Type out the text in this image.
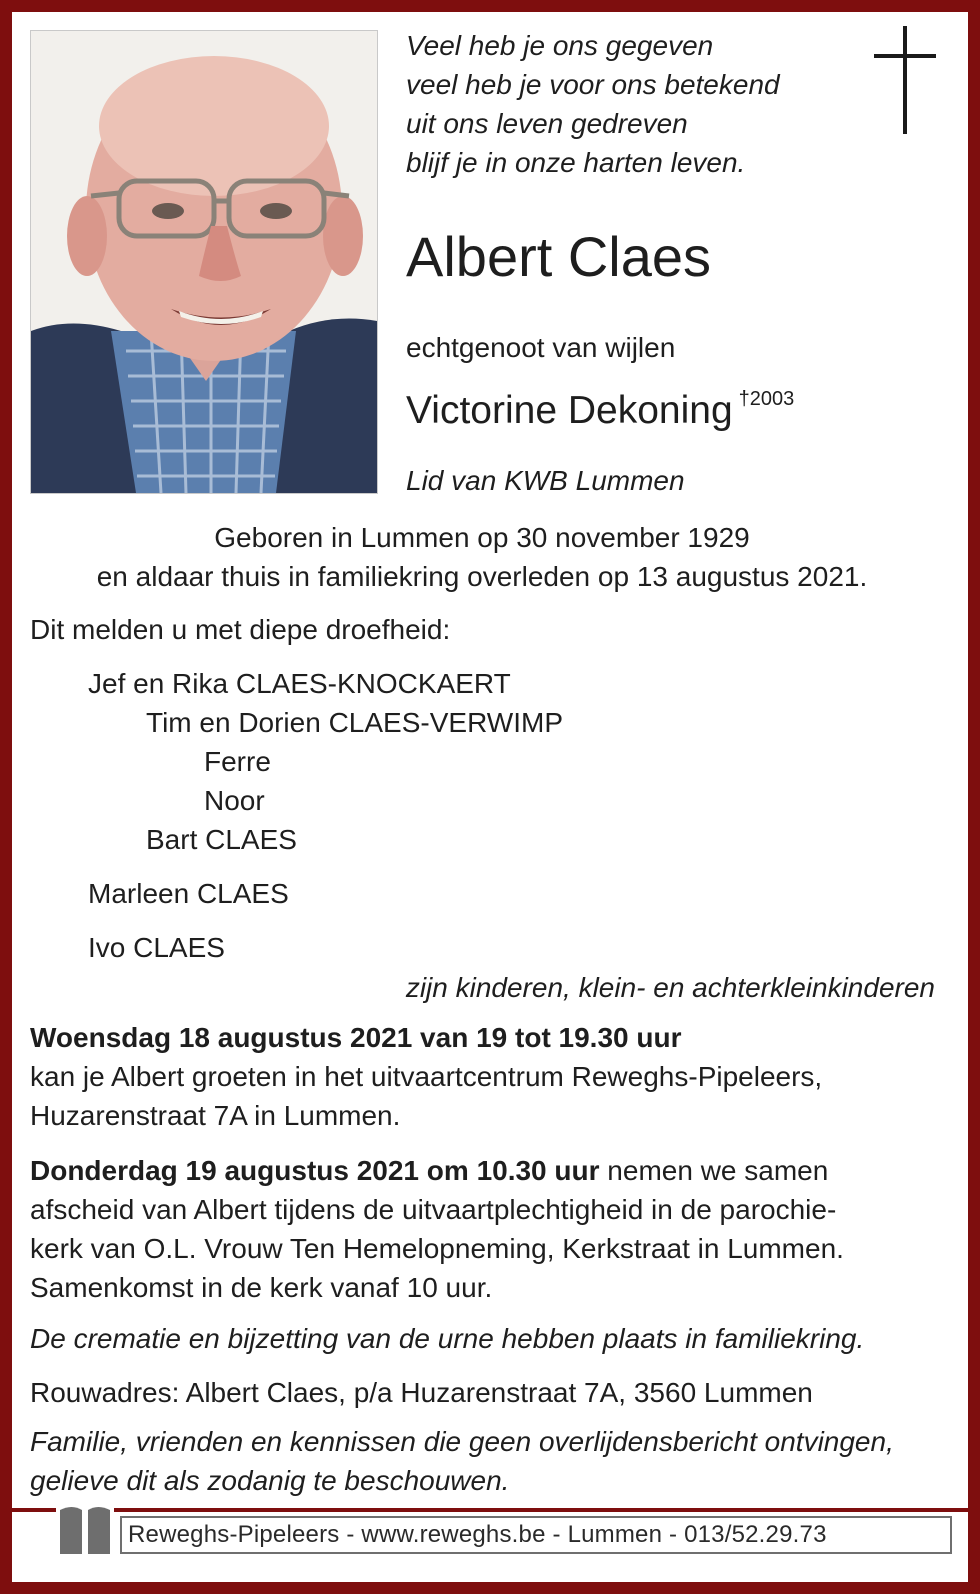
Veel heb je ons gegeven
veel heb je voor ons betekend
uit ons leven gedreven
blijf je in onze harten leven.
Albert Claes
echtgenoot van wijlen
Victorine Dekoning $^{\dagger 2003}$
Lid van KWB Lummen
Geboren in Lummen op 30 november 1929
en aldaar thuis in familiekring overleden op 13 augustus 2021.
Dit melden u met diepe droefheid:
Jef en Rika CLAES-KNOCKAERT
Tim en Dorien CLAES-VERWIMP
Ferre
Noor
Bart CLAES
Marleen CLAES
Ivo CLAES
zijn kinderen, klein- en achterkleinkinderen
Woensdag 18 augustus 2021 van 19 tot 19.30 uur
kan je Albert groeten in het uitvaartcentrum Reweghs-Pipeleers,
Huzarenstraat 7A in Lummen.
Donderdag 19 augustus 2021 om 10.30 uur nemen we samen
afscheid van Albert tijdens de uitvaartplechtigheid in de parochie-
kerk van O.L. Vrouw Ten Hemelopneming, Kerkstraat in Lummen.
Samenkomst in de kerk vanaf 10 uur.
De crematie en bijzetting van de urne hebben plaats in familiekring.
Rouwadres: Albert Claes, p/a Huzarenstraat 7A, 3560 Lummen
Familie, vrienden en kennissen die geen overlijdensbericht ontvingen,
gelieve dit als zodanig te beschouwen.
Reweghs-Pipeleers - www.reweghs.be - Lummen - 013/52.29.73
